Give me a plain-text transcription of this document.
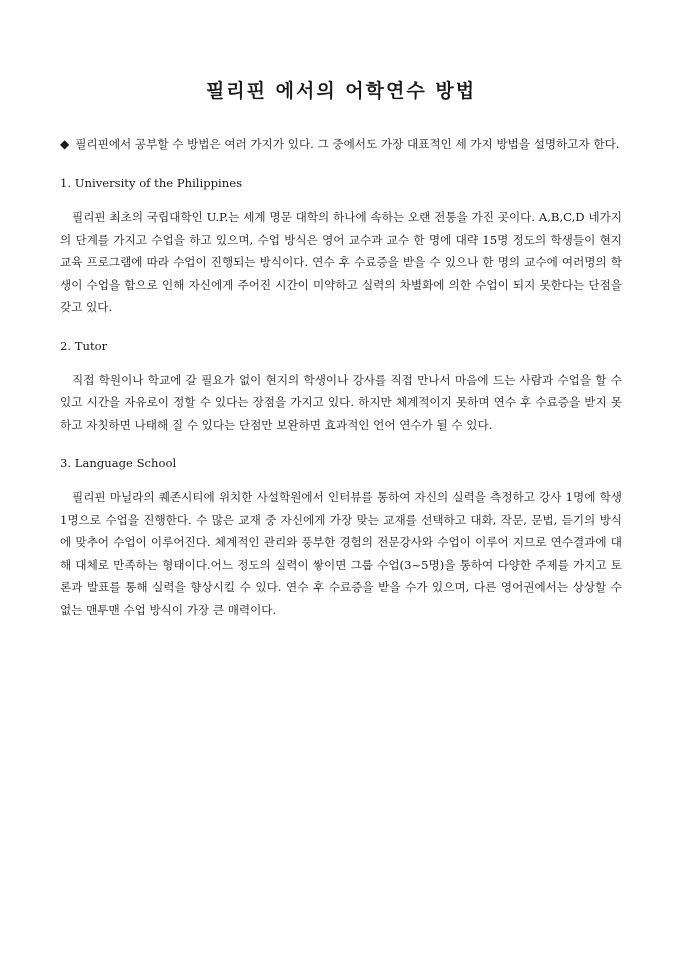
필리핀 에서의 어학연수 방법

◆ 필리핀에서 공부할 수 방법은 여러 가지가 있다. 그 중에서도 가장 대표적인 세 가지 방법을 설명하고자 한다.

1. University of the Philippines

필리핀 최초의 국립대학인 U.P.는 세계 명문 대학의 하나에 속하는 오랜 전통을 가진 곳이다. A,B,C,D 네가지의 단계를 가지고 수업을 하고 있으며, 수업 방식은 영어 교수과 교수 한 명에 대략 15명 정도의 학생들이 현지 교육 프로그램에 따라 수업이 진행되는 방식이다. 연수 후 수료증을 받을 수 있으나 한 명의 교수에 여러명의 학생이 수업을 함으로 인해 자신에게 주어진 시간이 미약하고 실력의 차별화에 의한 수업이 되지 못한다는 단점을 갖고 있다.

2. Tutor

직접 학원이나 학교에 갈 필요가 없이 현지의 학생이나 강사를 직접 만나서 마음에 드는 사람과 수업을 할 수 있고 시간을 자유로이 정할 수 있다는 장점을 가지고 있다. 하지만 체계적이지 못하며 연수 후 수료증을 받지 못하고 자칫하면 나태해 질 수 있다는 단점만 보완하면 효과적인 언어 연수가 될 수 있다.

3. Language School

필리핀 마닐라의 퀘존시티에 위치한 사설학원에서 인터뷰를 통하여 자신의 실력을 측정하고 강사 1명에 학생 1명으로 수업을 진행한다. 수 많은 교재 중 자신에게 가장 맞는 교재를 선택하고 대화, 작문, 문법, 듣기의 방식에 맞추어 수업이 이루어진다. 체계적인 관리와 풍부한 경험의 전문강사와 수업이 이루어 지므로 연수결과에 대해 대체로 만족하는 형태이다.어느 정도의 실력이 쌓이면 그룹 수업(3~5명)을 통하여 다양한 주제를 가지고 토론과 발표를 통해 실력을 향상시킬 수 있다. 연수 후 수료증을 받을 수가 있으며, 다른 영어권에서는 상상할 수 없는 맨투맨 수업 방식이 가장 큰 매력이다.
